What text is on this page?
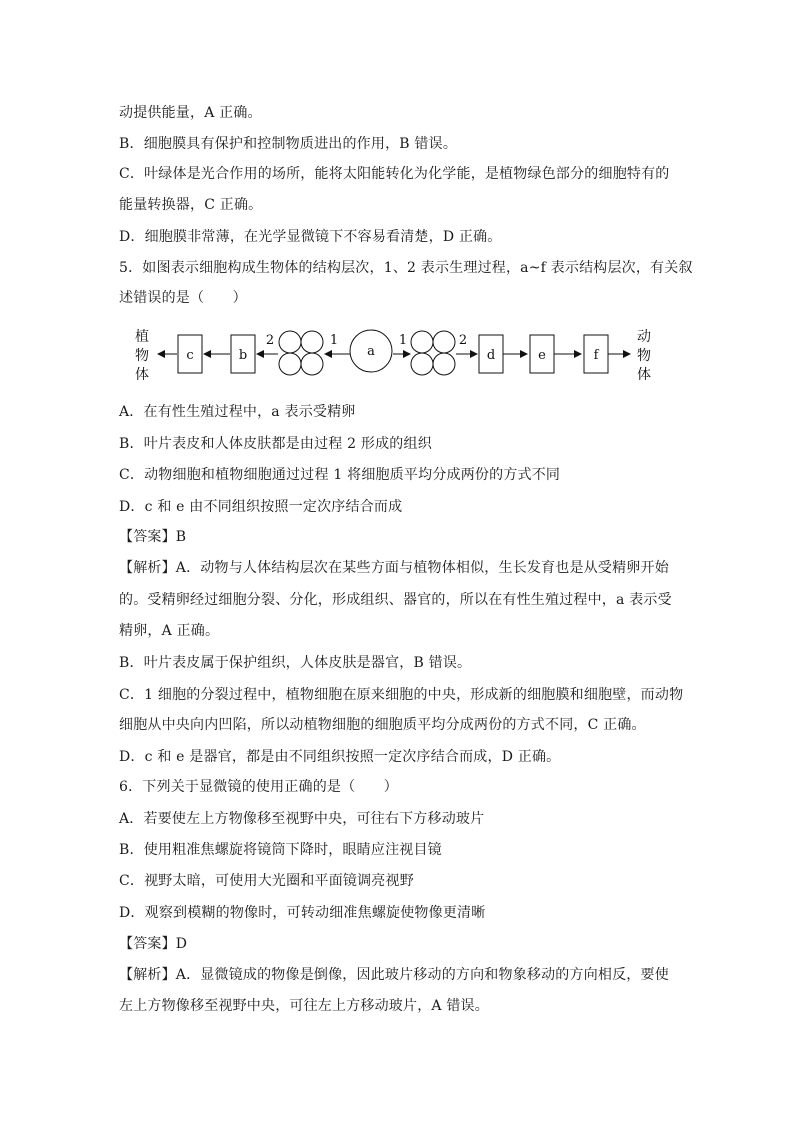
动提供能量，A 正确。
B．细胞膜具有保护和控制物质进出的作用，B 错误。
C．叶绿体是光合作用的场所，能将太阳能转化为化学能，是植物绿色部分的细胞特有的
能量转换器，C 正确。
D．细胞膜非常薄，在光学显微镜下不容易看清楚，D 正确。
5．如图表示细胞构成生物体的结构层次，1、2 表示生理过程，a~f 表示结构层次，有关叙
述错误的是（　　）
植
物
体
c	b
2	1
a
1	2
d	e	f
动
物
体
A．在有性生殖过程中，a 表示受精卵
B．叶片表皮和人体皮肤都是由过程 2 形成的组织
C．动物细胞和植物细胞通过过程 1 将细胞质平均分成两份的方式不同
D．c 和 e 由不同组织按照一定次序结合而成
【答案】B
【解析】A．动物与人体结构层次在某些方面与植物体相似，生长发育也是从受精卵开始
的。受精卵经过细胞分裂、分化，形成组织、器官的，所以在有性生殖过程中，a 表示受
精卵，A 正确。
B．叶片表皮属于保护组织，人体皮肤是器官，B 错误。
C．1 细胞的分裂过程中，植物细胞在原来细胞的中央，形成新的细胞膜和细胞壁，而动物
细胞从中央向内凹陷，所以动植物细胞的细胞质平均分成两份的方式不同，C 正确。
D．c 和 e 是器官，都是由不同组织按照一定次序结合而成，D 正确。
6．下列关于显微镜的使用正确的是（　　）
A．若要使左上方物像移至视野中央，可往右下方移动玻片
B．使用粗准焦螺旋将镜筒下降时，眼睛应注视目镜
C．视野太暗，可使用大光圈和平面镜调亮视野
D．观察到模糊的物像时，可转动细准焦螺旋使物像更清晰
【答案】D
【解析】A．显微镜成的物像是倒像，因此玻片移动的方向和物象移动的方向相反，要使
左上方物像移至视野中央，可往左上方移动玻片，A 错误。
